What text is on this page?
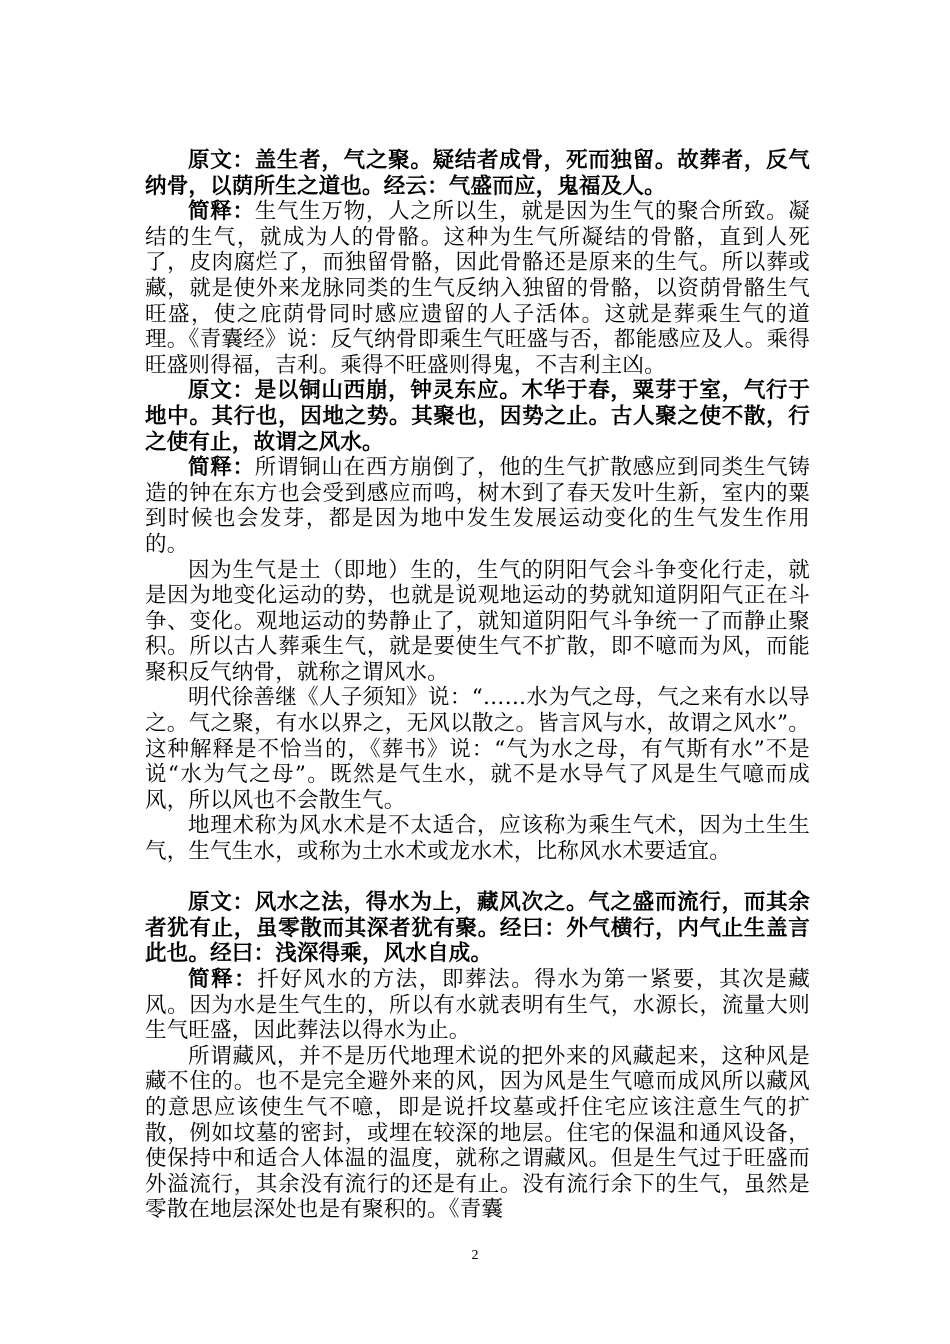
原文：盖生者，气之聚。疑结者成骨，死而独留。故葬者，反气纳骨，以荫所生之道也。经云：气盛而应，鬼福及人。

简释：生气生万物，人之所以生，就是因为生气的聚合所致。凝结的生气，就成为人的骨骼。这种为生气所凝结的骨骼，直到人死了，皮肉腐烂了，而独留骨骼，因此骨骼还是原来的生气。所以葬或藏，就是使外来龙脉同类的生气反纳入独留的骨骼，以资荫骨骼生气旺盛，使之庇荫骨同时感应遗留的人子活体。这就是葬乘生气的道理。《青囊经》说：反气纳骨即乘生气旺盛与否，都能感应及人。乘得旺盛则得福，吉利。乘得不旺盛则得鬼，不吉利主凶。

原文：是以铜山西崩，钟灵东应。木华于春，粟芽于室，气行于地中。其行也，因地之势。其聚也，因势之止。古人聚之使不散，行之使有止，故谓之风水。

简释：所谓铜山在西方崩倒了，他的生气扩散感应到同类生气铸造的钟在东方也会受到感应而鸣，树木到了春天发叶生新，室内的粟到时候也会发芽，都是因为地中发生发展运动变化的生气发生作用的。

因为生气是土（即地）生的，生气的阴阳气会斗争变化行走，就是因为地变化运动的势，也就是说观地运动的势就知道阴阳气正在斗争、变化。观地运动的势静止了，就知道阴阳气斗争统一了而静止聚积。所以古人葬乘生气，就是要使生气不扩散，即不噫而为风，而能聚积反气纳骨，就称之谓风水。

明代徐善继《人子须知》说：“……水为气之母，气之来有水以导之。气之聚，有水以界之，无风以散之。皆言风与水，故谓之风水”。这种解释是不恰当的，《葬书》说：“气为水之母，有气斯有水”不是说“水为气之母”。既然是气生水，就不是水导气了风是生气噫而成风，所以风也不会散生气。

地理术称为风水术是不太适合，应该称为乘生气术，因为土生生气，生气生水，或称为土水术或龙水术，比称风水术要适宜。

原文：风水之法，得水为上，藏风次之。气之盛而流行，而其余者犹有止，虽零散而其深者犹有聚。经曰：外气横行，内气止生盖言此也。经曰：浅深得乘，风水自成。

简释：扦好风水的方法，即葬法。得水为第一紧要，其次是藏风。因为水是生气生的，所以有水就表明有生气，水源长，流量大则生气旺盛，因此葬法以得水为止。

所谓藏风，并不是历代地理术说的把外来的风藏起来，这种风是藏不住的。也不是完全避外来的风，因为风是生气噫而成风所以藏风的意思应该使生气不噫，即是说扦坟墓或扦住宅应该注意生气的扩散，例如坟墓的密封，或埋在较深的地层。住宅的保温和通风设备，使保持中和适合人体温的温度，就称之谓藏风。但是生气过于旺盛而外溢流行，其余没有流行的还是有止。没有流行余下的生气，虽然是零散在地层深处也是有聚积的。《青囊

2
